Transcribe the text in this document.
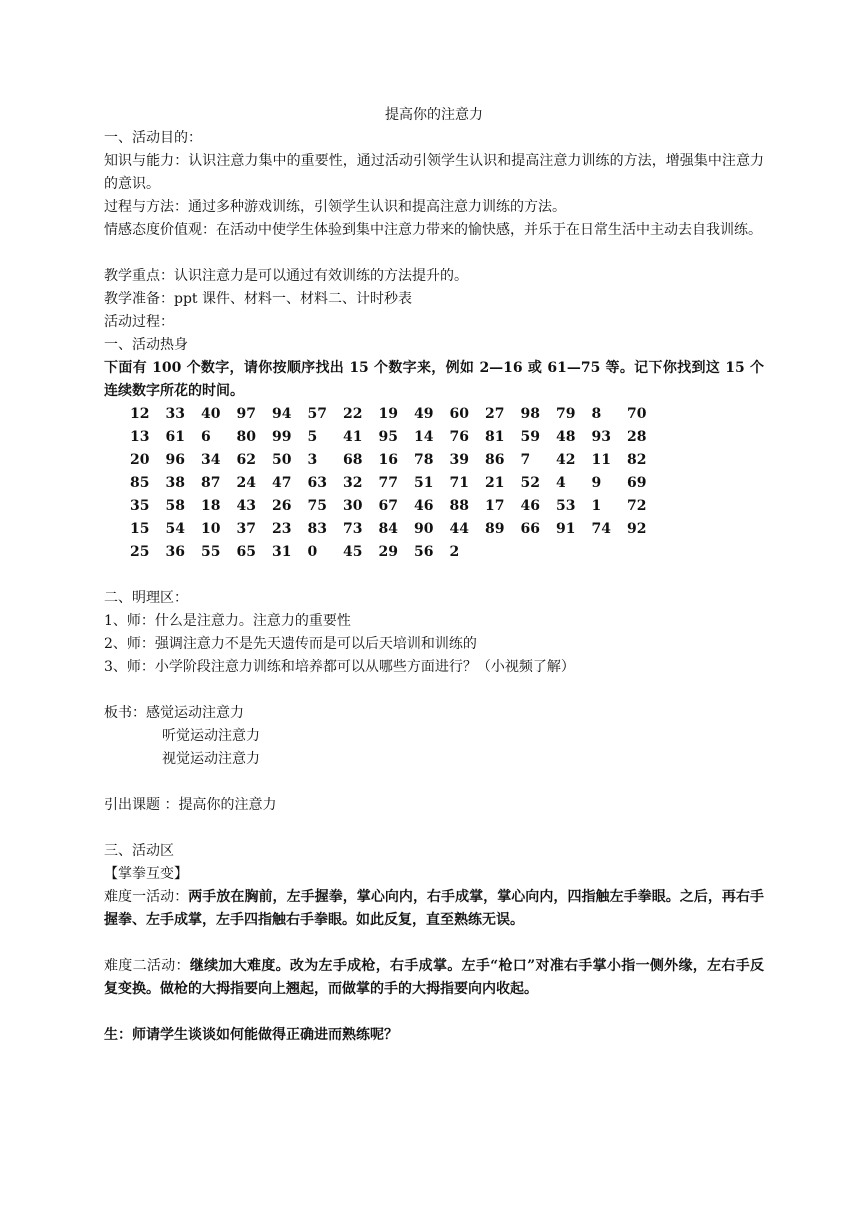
提高你的注意力
一、活动目的：
知识与能力：认识注意力集中的重要性，通过活动引领学生认识和提高注意力训练的方法，增强集中注意力的意识。
过程与方法：通过多种游戏训练，引领学生认识和提高注意力训练的方法。
情感态度价值观：在活动中使学生体验到集中注意力带来的愉快感，并乐于在日常生活中主动去自我训练。
教学重点：认识注意力是可以通过有效训练的方法提升的。
教学准备：ppt 课件、材料一、材料二、计时秒表
活动过程：
一、活动热身
下面有 100 个数字，请你按顺序找出 15 个数字来，例如 2—16 或 61—75 等。记下你找到这 15 个连续数字所花的时间。
12	33	40	97	94	57	22	19	49	60	27	98	79	8	70
13	61	6	80	99	5	41	95	14	76	81	59	48	93	28
20	96	34	62	50	3	68	16	78	39	86	7	42	11	82
85	38	87	24	47	63	32	77	51	71	21	52	4	9	69
35	58	18	43	26	75	30	67	46	88	17	46	53	1	72
15	54	10	37	23	83	73	84	90	44	89	66	91	74	92
25	36	55	65	31	0	45	29	56	2					
二、明理区：
1、师：什么是注意力。注意力的重要性
2、师：强调注意力不是先天遗传而是可以后天培训和训练的
3、师：小学阶段注意力训练和培养都可以从哪些方面进行？（小视频了解）
板书：感觉运动注意力
听觉运动注意力
视觉运动注意力
引出课题 ：提高你的注意力
三、活动区
【掌拳互变】
难度一活动：两手放在胸前，左手握拳，掌心向内，右手成掌，掌心向内，四指触左手拳眼。之后，再右手握拳、左手成掌，左手四指触右手拳眼。如此反复，直至熟练无误。
难度二活动：继续加大难度。改为左手成枪，右手成掌。左手“枪口”对准右手掌小指一侧外缘，左右手反复变换。做枪的大拇指要向上翘起，而做掌的手的大拇指要向内收起。
生：师请学生谈谈如何能做得正确进而熟练呢？
